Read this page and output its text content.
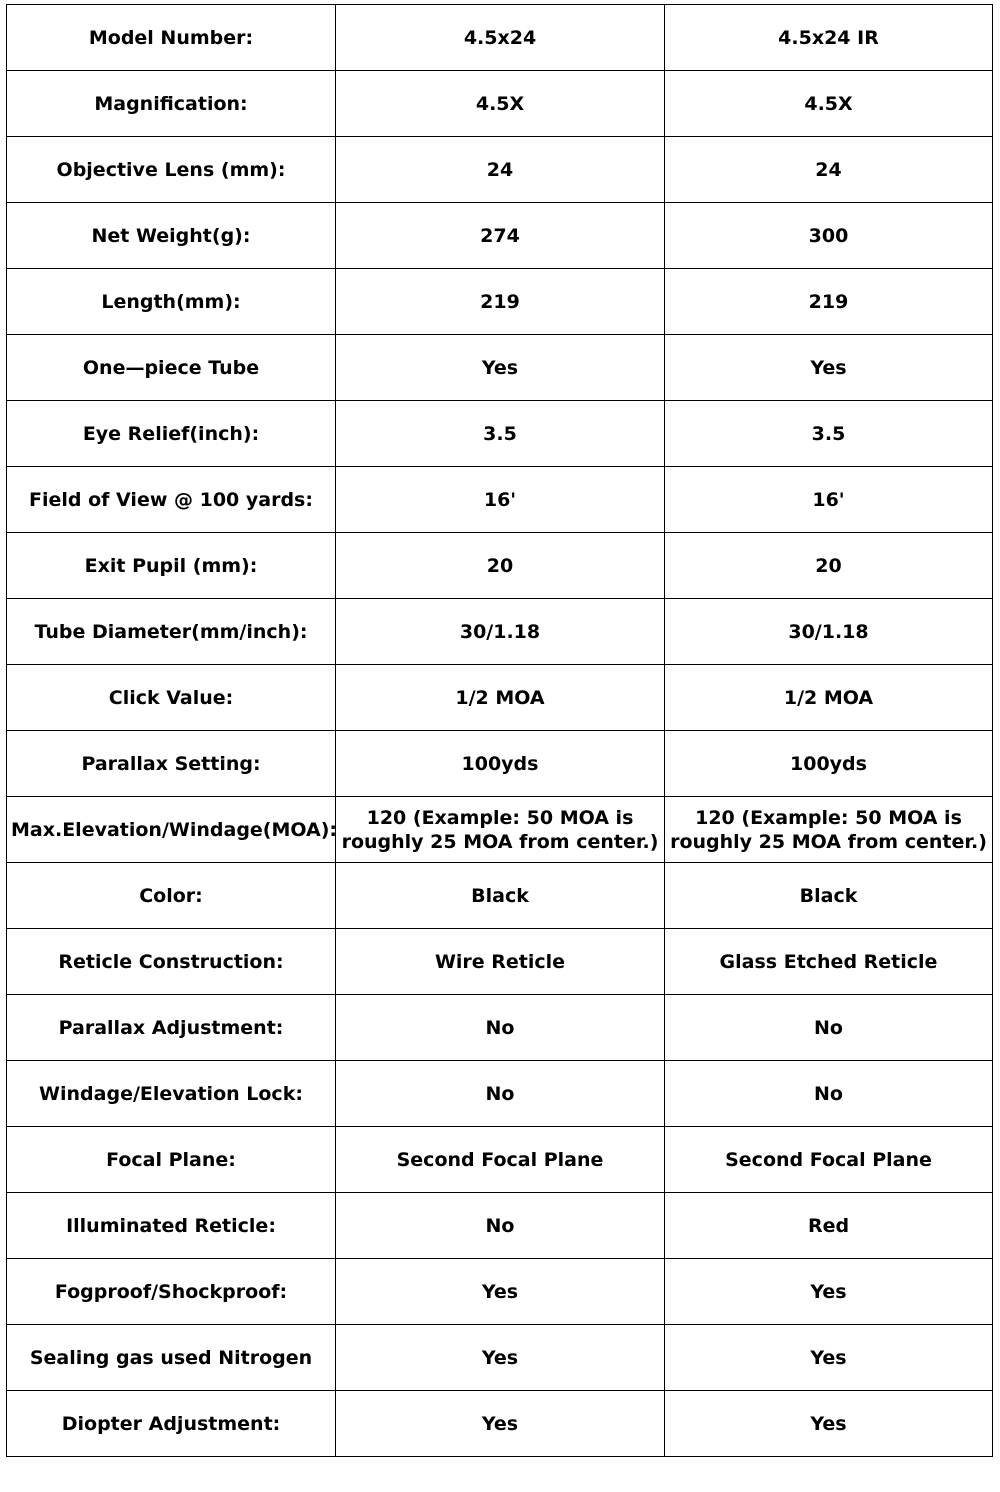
Model Number:	4.5x24	4.5x24 IR
Magnification:	4.5X	4.5X
Objective Lens (mm):	24	24
Net Weight(g):	274	300
Length(mm):	219	219
One—piece Tube	Yes	Yes
Eye Relief(inch):	3.5	3.5
Field of View @ 100 yards:	16'	16'
Exit Pupil (mm):	20	20
Tube Diameter(mm/inch):	30/1.18	30/1.18
Click Value:	1/2 MOA	1/2 MOA
Parallax Setting:	100yds	100yds
Max.Elevation/Windage(MOA):	120 (Example: 50 MOA is roughly 25 MOA from center.)	120 (Example: 50 MOA is roughly 25 MOA from center.)
Color:	Black	Black
Reticle Construction:	Wire Reticle	Glass Etched Reticle
Parallax Adjustment:	No	No
Windage/Elevation Lock:	No	No
Focal Plane:	Second Focal Plane	Second Focal Plane
Illuminated Reticle:	No	Red
Fogproof/Shockproof:	Yes	Yes
Sealing gas used Nitrogen	Yes	Yes
Diopter Adjustment:	Yes	Yes
